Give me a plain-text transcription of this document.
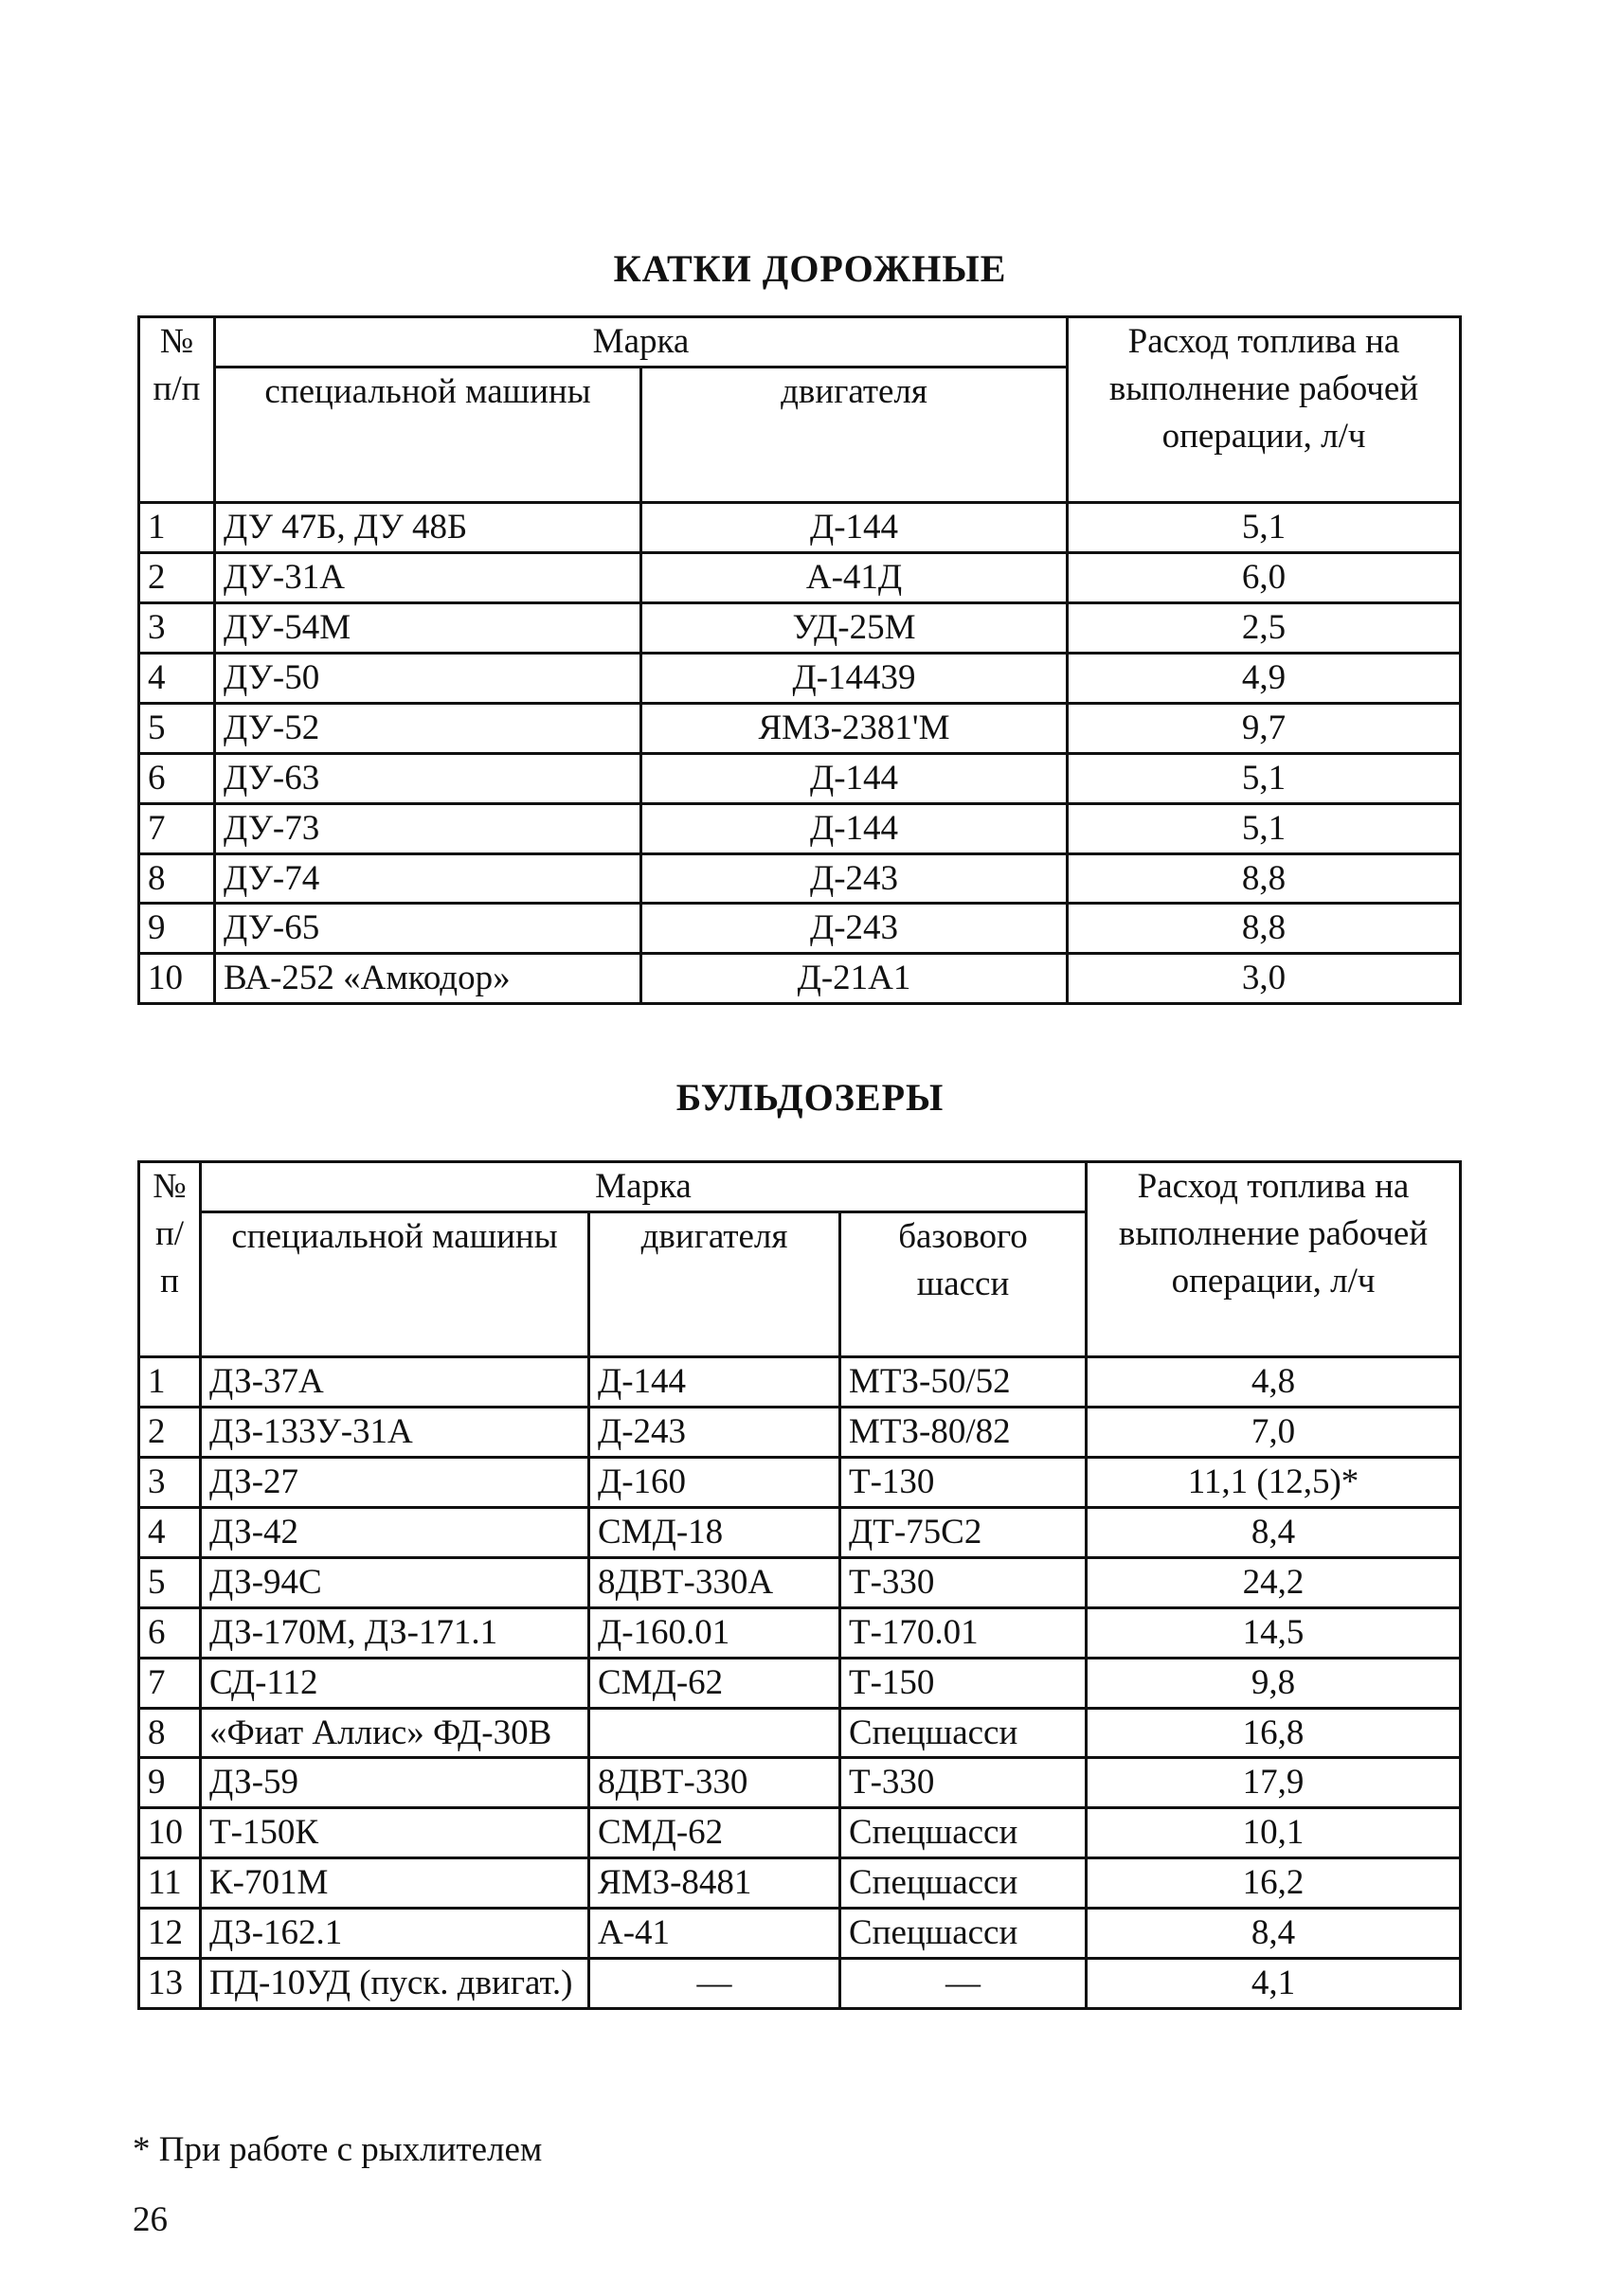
КАТКИ ДОРОЖНЫЕ
№ п/п	Марка		Расход топлива на выполнение рабочей операции, л/ч
	специальной машины	двигателя	
1	ДУ 47Б, ДУ 48Б	Д-144	5,1
2	ДУ-31А	А-41Д	6,0
3	ДУ-54М	УД-25М	2,5
4	ДУ-50	Д-14439	4,9
5	ДУ-52	ЯМЗ-2381'М	9,7
6	ДУ-63	Д-144	5,1
7	ДУ-73	Д-144	5,1
8	ДУ-74	Д-243	8,8
9	ДУ-65	Д-243	8,8
10	ВА-252 «Амкодор»	Д-21А1	3,0
БУЛЬДОЗЕРЫ
№ п/п	Марка			Расход топлива на выполнение рабочей операции, л/ч
	специальной машины	двигателя	базового шасси	
1	ДЗ-37А	Д-144	МТЗ-50/52	4,8
2	ДЗ-133У-31А	Д-243	МТЗ-80/82	7,0
3	ДЗ-27	Д-160	Т-130	11,1 (12,5)*
4	ДЗ-42	СМД-18	ДТ-75С2	8,4
5	ДЗ-94С	8ДВТ-330А	Т-330	24,2
6	ДЗ-170М, ДЗ-171.1	Д-160.01	Т-170.01	14,5
7	СД-112	СМД-62	Т-150	9,8
8	«Фиат Аллис» ФД-30В		Спецшасси	16,8
9	ДЗ-59	8ДВТ-330	Т-330	17,9
10	Т-150К	СМД-62	Спецшасси	10,1
11	К-701М	ЯМЗ-8481	Спецшасси	16,2
12	ДЗ-162.1	А-41	Спецшасси	8,4
13	ПД-10УД (пуск. двигат.)	—	—	4,1
* При работе с рыхлителем
26
